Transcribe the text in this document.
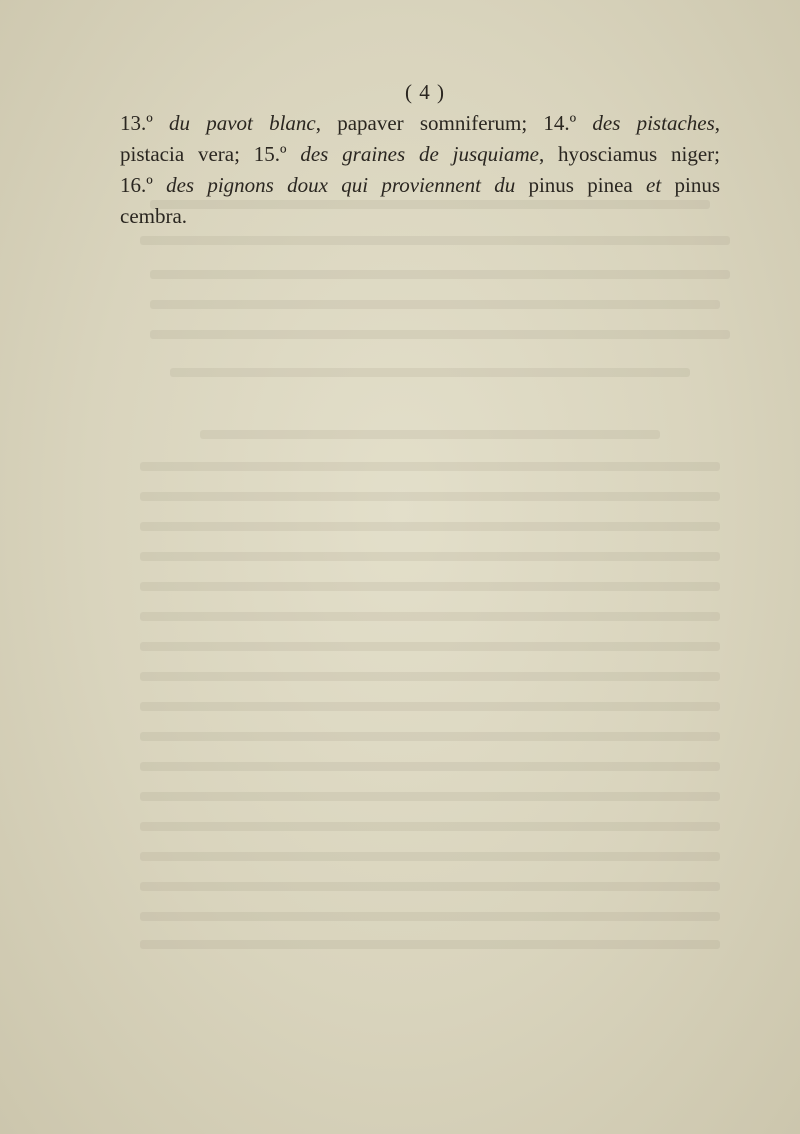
( 4 )
13.º du pavot blanc, papaver somniferum; 14.º des pistaches,
pistacia vera; 15.º des graines de jusquiame, hyosciamus niger;
16.º des pignons doux qui proviennent du pinus pinea et pinus
cembra.
